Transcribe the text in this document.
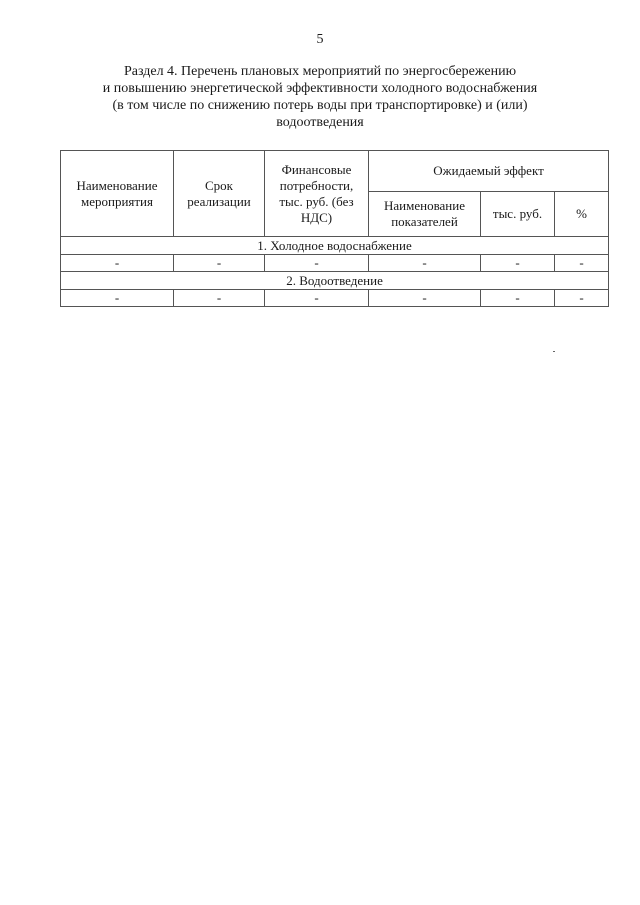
5
Раздел 4. Перечень плановых мероприятий по энергосбережению
и повышению энергетической эффективности холодного водоснабжения
(в том числе по снижению потерь воды при транспортировке) и (или)
водоотведения
Наименование мероприятия	Срок реализации	Финансовые потребности, тыс. руб. (без НДС)	Ожидаемый эффект		
			Наименование показателей	тыс. руб.	%
1. Холодное водоснабжение					
-	-	-	-	-	-
2. Водоотведение					
-	-	-	-	-	-
